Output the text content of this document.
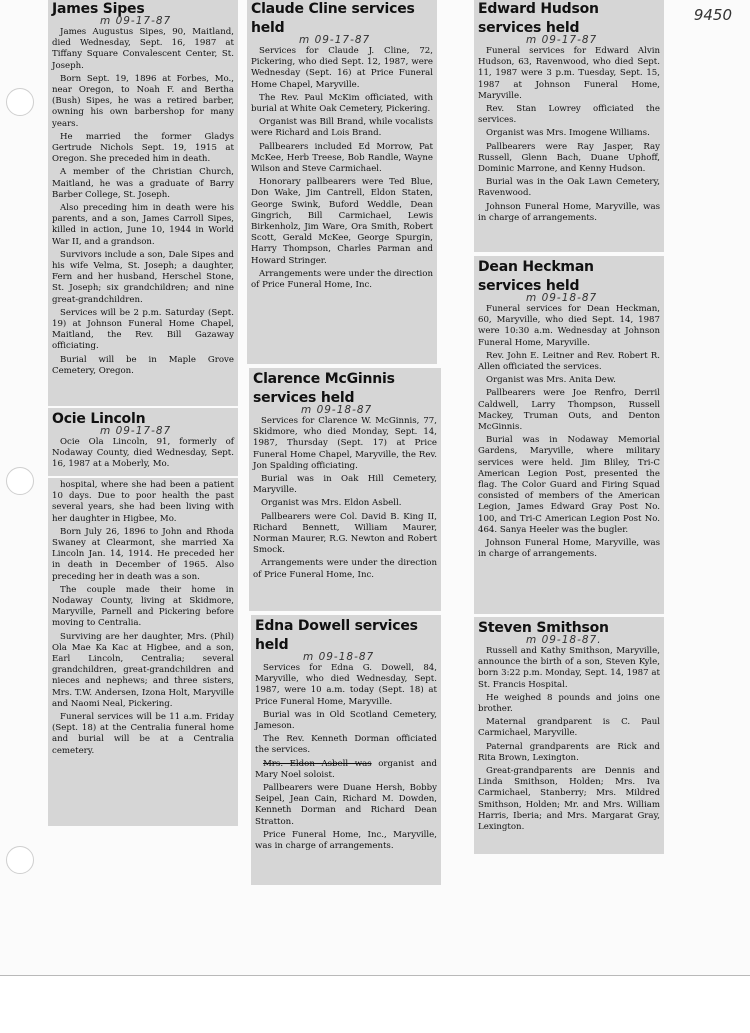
9450
James Sipes
m 09-17-87

James Augustus Sipes, 90, Maitland, died Wednesday, Sept. 16, 1987 at Tiffany Square Convalescent Center, St. Joseph.

Born Sept. 19, 1896 at Forbes, Mo., near Oregon, to Noah F. and Bertha (Bush) Sipes, he was a retired barber, owning his own barbershop for many years.

He married the former Gladys Gertrude Nichols Sept. 19, 1915 at Oregon. She preceded him in death.

A member of the Christian Church, Maitland, he was a graduate of Barry Barber College, St. Joseph.

Also preceding him in death were his parents, and a son, James Carroll Sipes, killed in action, June 10, 1944 in World War II, and a grandson.

Survivors include a son, Dale Sipes and his wife Velma, St. Joseph; a daughter, Fern and her husband, Herschel Stone, St. Joseph; six grandchildren; and nine great-grandchildren.

Services will be 2 p.m. Saturday (Sept. 19) at Johnson Funeral Home Chapel, Maitland, the Rev. Bill Gazaway officiating.

Burial will be in Maple Grove Cemetery, Oregon.

Ocie Lincoln
m 09-17-87

Ocie Ola Lincoln, 91, formerly of Nodaway County, died Wednesday, Sept. 16, 1987 at a Moberly, Mo.

hospital, where she had been a patient 10 days. Due to poor health the past several years, she had been living with her daughter in Higbee, Mo.

Born July 26, 1896 to John and Rhoda Swaney at Clearmont, she married Xa Lincoln Jan. 14, 1914. He preceded her in death in December of 1965. Also preceding her in death was a son.

The couple made their home in Nodaway County, living at Skidmore, Maryville, Parnell and Pickering before moving to Centralia.

Surviving are her daughter, Mrs. (Phil) Ola Mae Ka Kac at Higbee, and a son, Earl Lincoln, Centralia; several grandchildren, great-grandchildren and nieces and nephews; and three sisters, Mrs. T.W. Andersen, Izona Holt, Maryville and Naomi Neal, Pickering.

Funeral services will be 11 a.m. Friday (Sept. 18) at the Centralia funeral home and burial will be at a Centralia cemetery.

Claude Cline services held
m 09-17-87

Services for Claude J. Cline, 72, Pickering, who died Sept. 12, 1987, were Wednesday (Sept. 16) at Price Funeral Home Chapel, Maryville.

The Rev. Paul McKim officiated, with burial at White Oak Cemetery, Pickering.

Organist was Bill Brand, while vocalists were Richard and Lois Brand.

Pallbearers included Ed Morrow, Pat McKee, Herb Treese, Bob Randle, Wayne Wilson and Steve Carmichael.

Honorary pallbearers were Ted Blue, Don Wake, Jim Cantrell, Eldon Staten, George Swink, Buford Weddle, Dean Gingrich, Bill Carmichael, Lewis Birkenholz, Jim Ware, Ora Smith, Robert Scott, Gerald McKee, George Spurgin, Harry Thompson, Charles Parman and Howard Stringer.

Arrangements were under the direction of Price Funeral Home, Inc.

Clarence McGinnis services held
m 09-18-87

Services for Clarence W. McGinnis, 77, Skidmore, who died Monday, Sept. 14, 1987, Thursday (Sept. 17) at Price Funeral Home Chapel, Maryville, the Rev. Jon Spalding officiating.

Burial was in Oak Hill Cemetery, Maryville.

Organist was Mrs. Eldon Asbell.

Pallbearers were Col. David B. King II, Richard Bennett, William Maurer, Norman Maurer, R.G. Newton and Robert Smock.

Arrangements were under the direction of Price Funeral Home, Inc.

Edna Dowell services held
m 09-18-87

Services for Edna G. Dowell, 84, Maryville, who died Wednesday, Sept. 1987, were 10 a.m. today (Sept. 18) at Price Funeral Home, Maryville.

Burial was in Old Scotland Cemetery, Jameson.

The Rev. Kenneth Dorman officiated the services.

Mrs. Eldon Asbell was organist and Mary Noel soloist.

Pallbearers were Duane Hersh, Bobby Seipel, Jean Cain, Richard M. Dowden, Kenneth Dorman and Richard Dean Stratton.

Price Funeral Home, Inc., Maryville, was in charge of arrangements.

Edward Hudson services held
m 09-17-87

Funeral services for Edward Alvin Hudson, 63, Ravenwood, who died Sept. 11, 1987 were 3 p.m. Tuesday, Sept. 15, 1987 at Johnson Funeral Home, Maryville.

Rev. Stan Lowrey officiated the services.

Organist was Mrs. Imogene Williams.

Pallbearers were Ray Jasper, Ray Russell, Glenn Bach, Duane Uphoff, Dominic Marrone, and Kenny Hudson.

Burial was in the Oak Lawn Cemetery, Ravenwood.

Johnson Funeral Home, Maryville, was in charge of arrangements.

Dean Heckman services held
m 09-18-87

Funeral services for Dean Heckman, 60, Maryville, who died Sept. 14, 1987 were 10:30 a.m. Wednesday at Johnson Funeral Home, Maryville.

Rev. John E. Leitner and Rev. Robert R. Allen officiated the services.

Organist was Mrs. Anita Dew.

Pallbearers were Joe Renfro, Derril Caldwell, Larry Thompson, Russell Mackey, Truman Outs, and Denton McGinnis.

Burial was in Nodaway Memorial Gardens, Maryville, where military services were held. Jim Bliley, Tri-C American Legion Post, presented the flag. The Color Guard and Firing Squad consisted of members of the American Legion, James Edward Gray Post No. 100, and Tri-C American Legion Post No. 464. Sanya Heeler was the bugler.

Johnson Funeral Home, Maryville, was in charge of arrangements.

Steven Smithson
m 09-18-87.

Russell and Kathy Smithson, Maryville, announce the birth of a son, Steven Kyle, born 3:22 p.m. Monday, Sept. 14, 1987 at St. Francis Hospital.

He weighed 8 pounds and joins one brother.

Maternal grandparent is C. Paul Carmichael, Maryville.

Paternal grandparents are Rick and Rita Brown, Lexington.

Great-grandparents are Dennis and Linda Smithson, Holden; Mrs. Iva Carmichael, Stanberry; Mrs. Mildred Smithson, Holden; Mr. and Mrs. William Harris, Iberia; and Mrs. Margarat Gray, Lexington.
